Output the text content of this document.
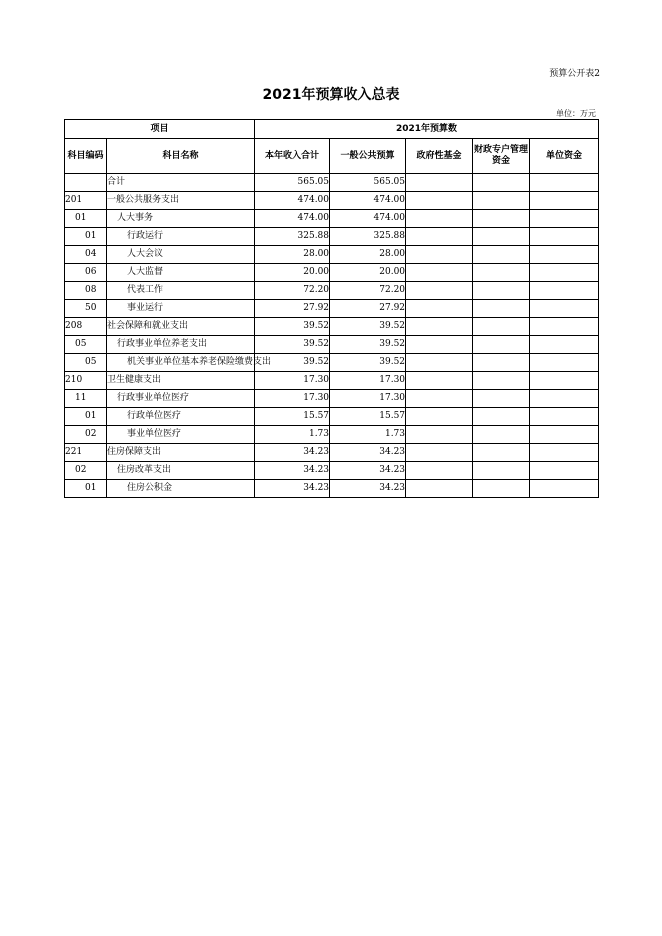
预算公开表2
2021年预算收入总表
单位：万元
项目		2021年预算数				
科目编码	科目名称	本年收入合计	一般公共预算	政府性基金	财政专户管理资金	单位资金
	合计	565.05	565.05			
201	一般公共服务支出	474.00	474.00			
01	人大事务	474.00	474.00			
01	行政运行	325.88	325.88			
04	人大会议	28.00	28.00			
06	人大监督	20.00	20.00			
08	代表工作	72.20	72.20			
50	事业运行	27.92	27.92			
208	社会保障和就业支出	39.52	39.52			
05	行政事业单位养老支出	39.52	39.52			
05	机关事业单位基本养老保险缴费支出	39.52	39.52			
210	卫生健康支出	17.30	17.30			
11	行政事业单位医疗	17.30	17.30			
01	行政单位医疗	15.57	15.57			
02	事业单位医疗	1.73	1.73			
221	住房保障支出	34.23	34.23			
02	住房改革支出	34.23	34.23			
01	住房公积金	34.23	34.23			
